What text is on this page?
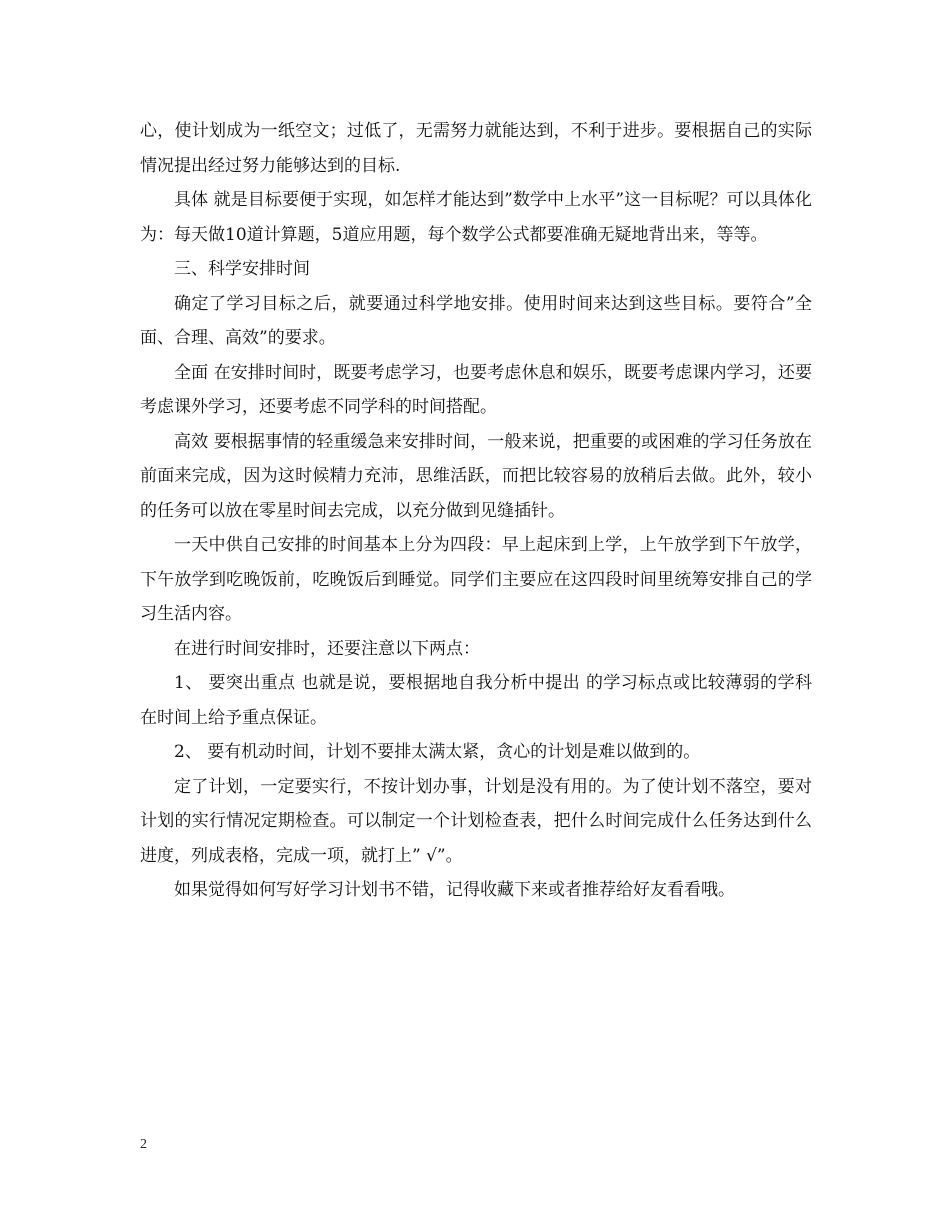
心，使计划成为一纸空文；过低了，无需努力就能达到，不利于进步。要根据自己的实际情况提出经过努力能够达到的目标.

具体 就是目标要便于实现，如怎样才能达到”数学中上水平”这一目标呢？可以具体化为：每天做10道计算题，5道应用题，每个数学公式都要准确无疑地背出来，等等。

三、科学安排时间

确定了学习目标之后，就要通过科学地安排。使用时间来达到这些目标。要符合”全面、合理、高效”的要求。

全面 在安排时间时，既要考虑学习，也要考虑休息和娱乐，既要考虑课内学习，还要考虑课外学习，还要考虑不同学科的时间搭配。

高效 要根据事情的轻重缓急来安排时间，一般来说，把重要的或困难的学习任务放在前面来完成，因为这时候精力充沛，思维活跃，而把比较容易的放稍后去做。此外，较小的任务可以放在零星时间去完成，以充分做到见缝插针。

一天中供自己安排的时间基本上分为四段：早上起床到上学，上午放学到下午放学，下午放学到吃晚饭前，吃晚饭后到睡觉。同学们主要应在这四段时间里统筹安排自己的学习生活内容。

在进行时间安排时，还要注意以下两点：

1、 要突出重点 也就是说，要根据地自我分析中提出 的学习标点或比较薄弱的学科在时间上给予重点保证。

2、 要有机动时间，计划不要排太满太紧，贪心的计划是难以做到的。

定了计划，一定要实行，不按计划办事，计划是没有用的。为了使计划不落空，要对计划的实行情况定期检查。可以制定一个计划检查表，把什么时间完成什么任务达到什么进度，列成表格，完成一项，就打上” √”。

如果觉得如何写好学习计划书不错，记得收藏下来或者推荐给好友看看哦。

2
